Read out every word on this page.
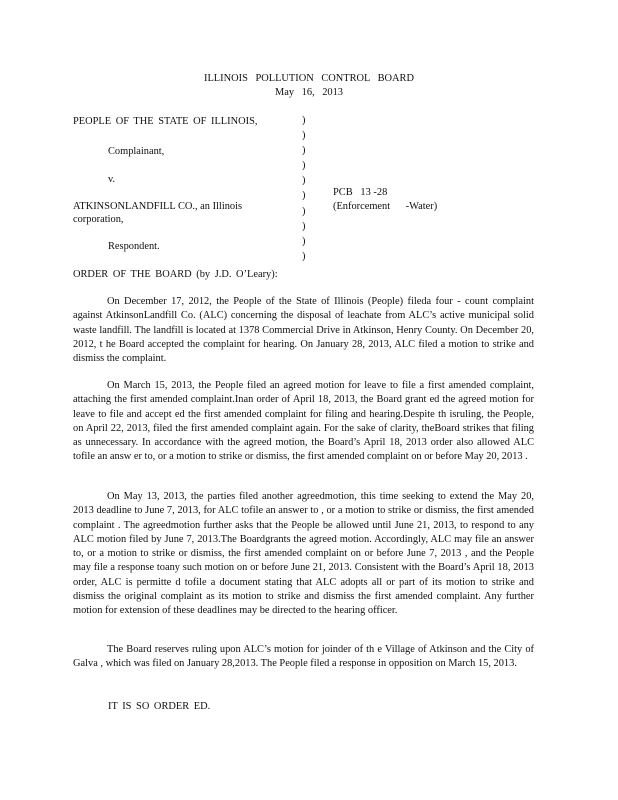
ILLINOIS POLLUTION CONTROL BOARD
May 16, 2013
PEOPLE OF THE STATE OF ILLINOIS,
Complainant,
v.
ATKINSONLANDFILL CO., an Illinois
corporation,
Respondent.
)
)
)
)
)
)
)
)
)
)
PCB   13 -28
(Enforcement      -Water)
ORDER OF THE BOARD (by J.D. O’Leary):
On December 17, 2012, the People of the State of Illinois (People) fileda four - count complaint against AtkinsonLandfill Co. (ALC) concerning the disposal of leachate from ALC’s active municipal solid waste landfill. The landfill is located at 1378 Commercial Drive in Atkinson, Henry County. On December 20, 2012, t he Board accepted the complaint for hearing. On January 28, 2013, ALC filed a motion to strike and dismiss the complaint.
On March 15, 2013, the People filed an agreed motion for leave to file a first amended complaint, attaching the first amended complaint.Inan order of April 18, 2013, the Board grant ed the agreed motion for leave to file and accept ed the first amended complaint for filing and hearing.Despite th isruling, the People, on April 22, 2013, filed the first amended complaint again. For the sake of clarity, theBoard strikes that filing as unnecessary. In accordance with the agreed motion, the Board’s April 18, 2013 order also allowed ALC tofile an answ er to, or a motion to strike or dismiss, the first amended complaint on or before May 20, 2013 .
On May 13, 2013, the parties filed another agreedmotion, this time seeking to extend the May 20, 2013 deadline to June 7, 2013, for ALC tofile an answer to , or a motion to strike or dismiss, the first amended complaint . The agreedmotion further asks that the People be allowed until June 21, 2013, to respond to any ALC motion filed by June 7, 2013.The Boardgrants the agreed motion. Accordingly, ALC may file an answer to, or a motion to strike or dismiss, the first amended complaint on or before June 7, 2013 , and the People may file a response toany such motion on or before June 21, 2013. Consistent with the Board’s April 18, 2013 order, ALC is permitte d tofile a document stating that ALC adopts all or part of its motion to strike and dismiss the original complaint as its motion to strike and dismiss the first amended complaint. Any further motion for extension of these deadlines may be directed to the hearing officer.
The Board reserves ruling upon ALC’s motion for joinder of th e Village of Atkinson and the City of Galva , which was filed on January 28,2013. The People filed a response in opposition on March 15, 2013.
IT IS SO ORDER ED.
